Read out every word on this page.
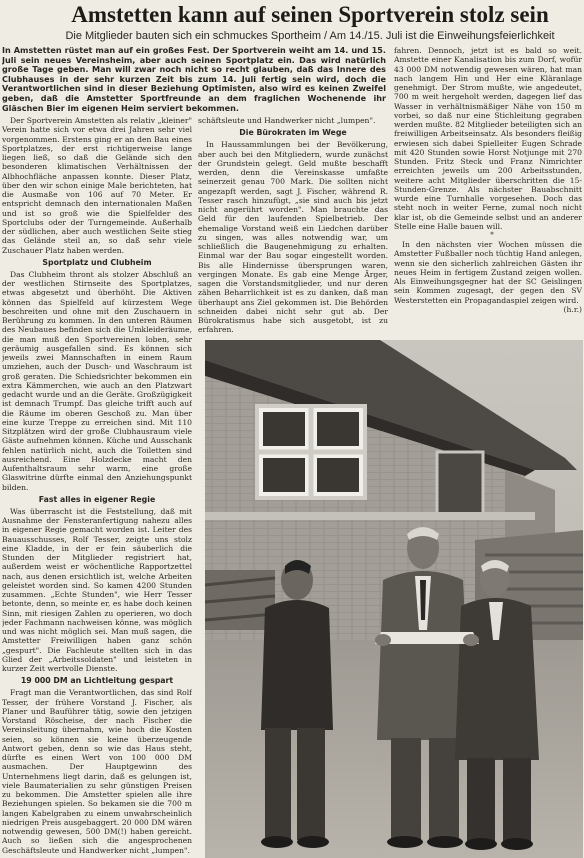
Amstetten kann auf seinen Sportverein stolz sein
Die Mitglieder bauten sich ein schmuckes Sportheim / Am 14./15. Juli ist die Einweihungsfeierlichkeit

In Amstetten rüstet man auf ein großes Fest. Der Sportverein weiht am 14. und 15. Juli sein neues Vereinsheim, aber auch seinen Sportplatz ein. Das wird natürlich große Tage geben. Man will zwar noch nicht so recht glauben, daß das Innere des Clubhauses in der sehr kurzen Zeit bis zum 14. Juli fertig sein wird, doch die Verantwortlichen sind in dieser Beziehung Optimisten, also wird es keinen Zweifel geben, daß die Amstetter Sportfreunde an dem fraglichen Wochenende ihr Gläschen Bier im eigenen Heim serviert bekommen.

Der Sportverein Amstetten als relativ „kleiner" Verein hatte sich vor etwa drei Jahren sehr viel vorgenommen. Erstens ging er an den Bau eines Sportplatzes, der erst richtigerweise lange liegen ließ, so daß die Gelände sich den besonderen klimatischen Verhältnissen der Albhochfläche anpassen konnte. Dieser Platz, über den wir schon einige Male berichteten, hat die Ausmaße von 106 auf 70 Meter. Er entspricht demnach den internationalen Maßen und ist so groß wie die Spielfelder des Sportclubs oder der Turngemeinde. Außerhalb der südlichen, aber auch westlichen Seite stieg das Gelände steil an, so daß sehr viele Zuschauer Platz haben werden.

Sportplatz und Clubheim

Das Clubheim thront als stolzer Abschluß an der westlichen Stirnseite des Sportplatzes, etwas abgesetzt und überhöht. Die Aktiven können das Spielfeld auf kürzestem Wege beschreiten und ohne mit den Zuschauern in Berührung zu kommen. In den unteren Räumen des Neubaues befinden sich die Umkleideräume, die man muß den Sportvereinen loben, sehr geräumig ausgefallen sind. Es können sich jeweils zwei Mannschaften in einem Raum umziehen, auch der Dusch- und Waschraum ist groß geraten. Die Schiedsrichter bekommen ein extra Kämmerchen, wie auch an den Platzwart gedacht wurde und an die Geräte. Großzügigkeit ist demnach Trumpf. Das gleiche trifft auch auf die Räume im oberen Geschoß zu. Man über eine kurze Treppe zu erreichen sind. Mit 110 Sitzplätzen wird der große Clubhausraum viele Gäste aufnehmen können. Küche und Ausschank fehlen natürlich nicht, auch die Toiletten sind ausreichend. Eine Holzdecke macht den Aufenthaltsraum sehr warm, eine große Glaswitrine dürfte einmal den Anziehungspunkt bilden.

Fast alles in eigener Regie

Was überrascht ist die Feststellung, daß mit Ausnahme der Fensteranfertigung nahezu alles in eigener Regie gemacht worden ist. Leiter des Bauausschusses, Rolf Tesser, zeigte uns stolz eine Kladde, in der er fein säuberlich die Stunden der Mitglieder registriert hat, außerdem weist er wöchentliche Rapportzettel nach, aus denen ersichtlich ist, welche Arbeiten geleistet worden sind. So kamen 4200 Stunden zusammen. „Echte Stunden", wie Herr Tesser betonte, denn, so meinte er, es habe doch keinen Sinn, mit riesigen Zahlen zu operieren, wo doch jeder Fachmann nachweisen könne, was möglich und was nicht möglich sei. Man muß sagen, die Amstetter Freiwilligen haben ganz schön „gespurt". Die Fachleute stellten sich in das Glied der „Arbeitssoldaten" und leisteten in kurzer Zeit wertvolle Dienste.

19 000 DM an Lichtleitung gespart

Fragt man die Verantwortlichen, das sind Rolf Tesser, der frühere Vorstand J. Fischer, als Planer und Bauführer tätig, sowie den jetzigen Vorstand Röscheise, der nach Fischer die Vereinsleitung übernahm, wie hoch die Kosten seien, so können sie keine überzeugende Antwort geben, denn so wie das Haus steht, dürfte es einen Wert von 100 000 DM ausmachen. Der Hauptgewinn des Unternehmens liegt darin, daß es gelungen ist, viele Baumaterialien zu sehr günstigen Preisen zu bekommen. Die Amstetter spielen alle ihre Beziehungen spielen. So bekamen sie die 700 m langen Kabelgraben zu einem unwahrscheinlich niedrigen Preis ausgebaggert. 20 000 DM wären notwendig gewesen, 500 DM(!) haben gereicht. Auch so ließen sich die angesprochenen Geschäftsleute und Handwerker nicht „lumpen".

schäftsleute und Handwerker nicht „lumpen".

Die Bürokraten im Wege

In Haussammlungen bei der Bevölkerung, aber auch bei den Mitgliedern, wurde zunächst der Grundstein gelegt. Geld mußte beschafft werden, denn die Vereinskasse umfaßte seinerzeit genau 700 Mark. Die sollten nicht angezapft werden, sagt J. Fischer, während R. Tesser rasch hinzufügt, „sie sind auch bis jetzt nicht angerührt worden". Man brauchte das Geld für den laufenden Spielbetrieb. Der ehemalige Vorstand weiß ein Liedchen darüber zu singen, was alles notwendig war, um schließlich die Baugenehmigung zu erhalten. Einmal war der Bau sogar eingestellt worden. Bis alle Hindernisse übersprungen waren, vergingen Monate. Es gab eine Menge Ärger, sagen die Vorstandsmitglieder, und nur deren zähen Beharrlichkeit ist es zu danken, daß man überhaupt ans Ziel gekommen ist. Die Behörden schneiden dabei nicht sehr gut ab. Der Bürokratismus habe sich ausgetobt, ist zu erfahren.

fahren. Dennoch, jetzt ist es bald so weit. Amstette einer Kanalisation bis zum Dorf, wofür 43 000 DM notwendig gewesen wären, hat man nach langem Hin und Her eine Kläranlage genehmigt. Der Strom mußte, wie angedeutet, 700 m weit hergeholt werden, dagegen lief das Wasser in verhältnismäßiger Nähe von 150 m vorbei, so daß nur eine Stichleitung gegraben werden mußte. 82 Mitglieder beteiligten sich an freiwilligen Arbeitseinsatz. Als besonders fleißig erwiesen sich dabei Spielleiter Eugen Schrade mit 420 Stunden sowie Horst Notjunge mit 270 Stunden. Fritz Steck und Franz Nimrichter erreichten jeweils um 200 Arbeitsstunden, weitere acht Mitglieder überschritten die 15-Stunden-Grenze. Als nächster Bauabschnitt wurde eine Turnhalle vorgesehen. Doch das steht noch in weiter Ferne, zumal noch nicht klar ist, ob die Gemeinde selbst und an anderer Stelle eine Halle bauen will.

*

In den nächsten vier Wochen müssen die Amstetter Fußballer noch tüchtig Hand anlegen, wenn sie den sicherlich zahlreichen Gästen ihr neues Heim in fertigem Zustand zeigen wollen. Als Einweihungsgegner hat der SC Geislingen sein Kommen zugesagt, der gegen den SV Westerstetten ein Propagandaspiel zeigen wird.

(h.r.)
